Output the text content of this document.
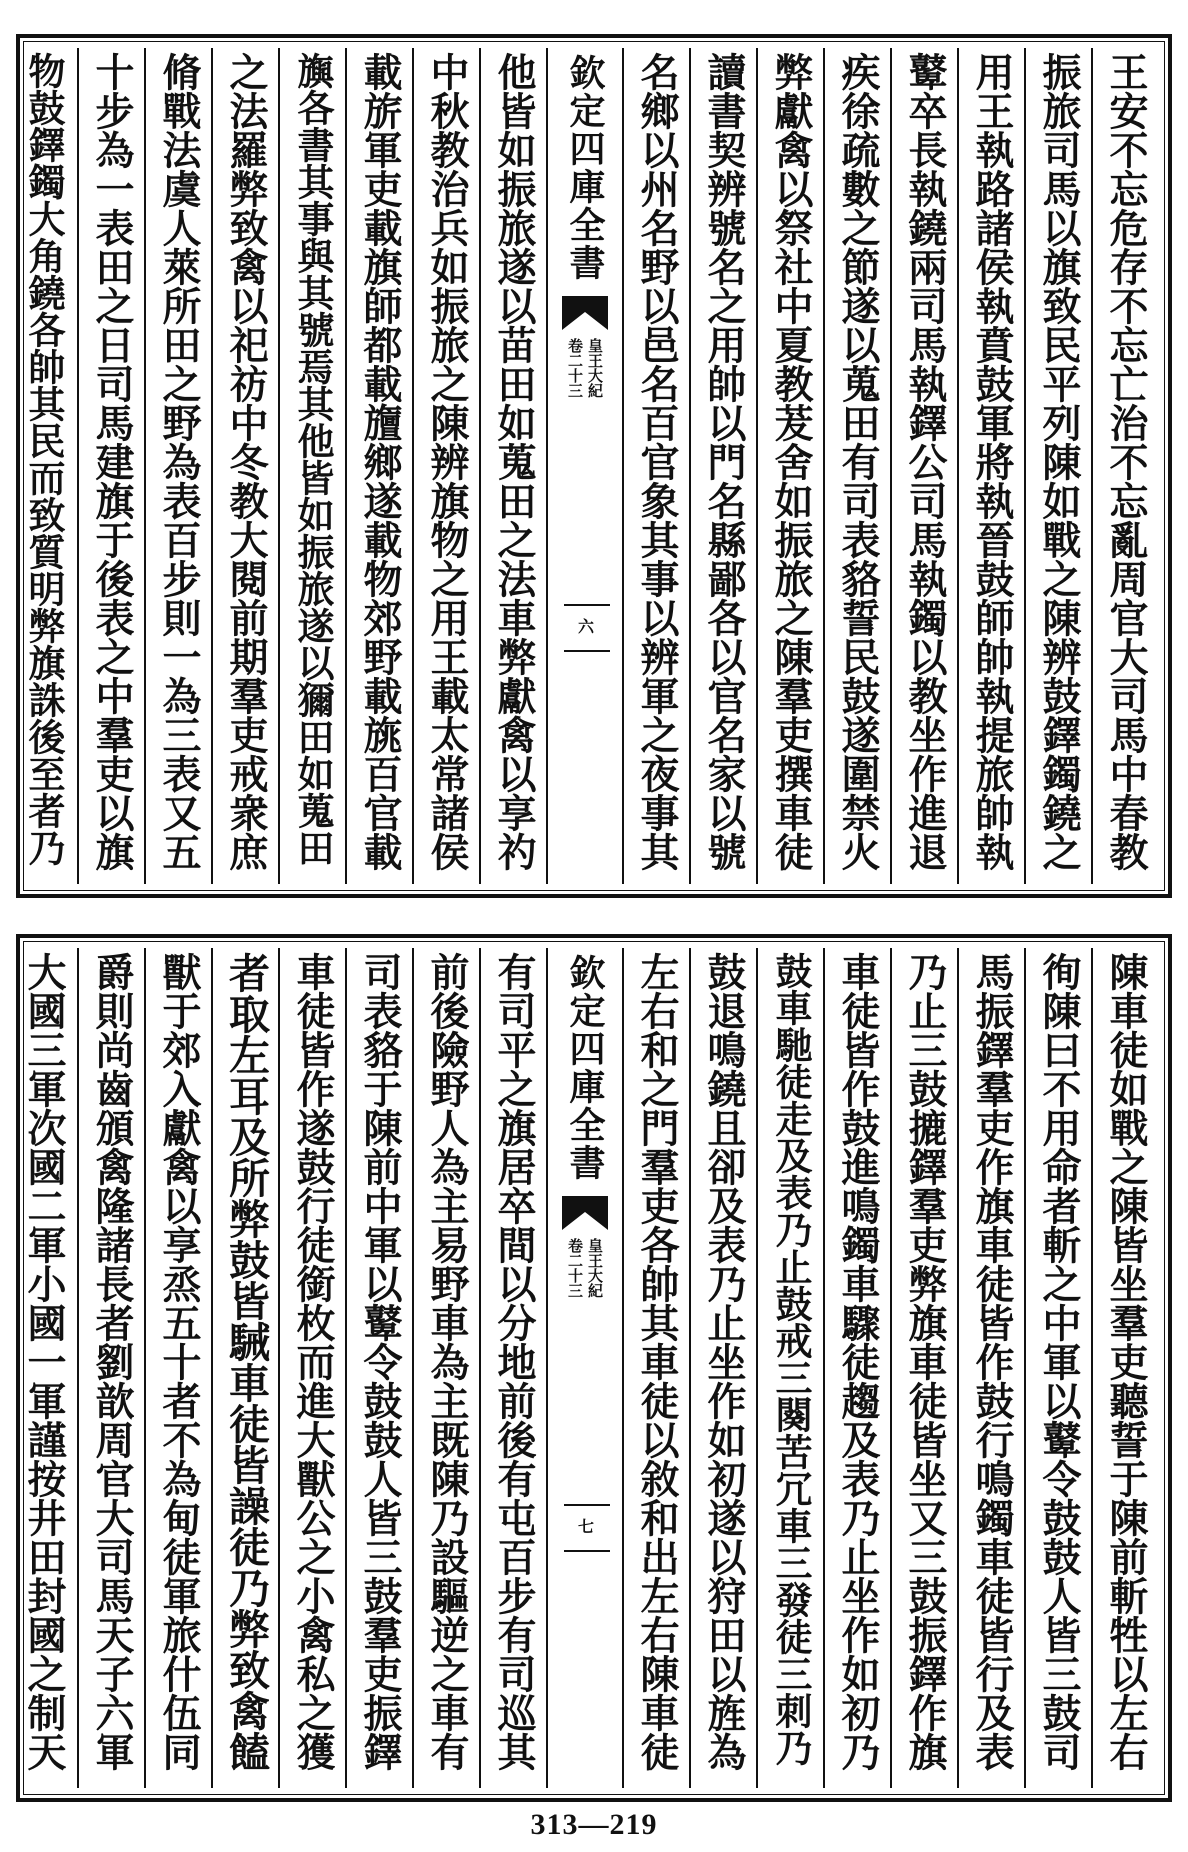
王安不忘危存不忘亡治不忘亂周官大司馬中春教
振旅司馬以旗致民平列陳如戰之陳辨鼓鐸鐲鐃之
用王執路諸侯執賁鼓軍將執晉鼓師帥執提旅帥執
鼙卒長執鐃兩司馬執鐸公司馬執鐲以教坐作進退
疾徐疏數之節遂以蒐田有司表貉誓民鼓遂圍禁火
弊獻禽以祭社中夏教茇舍如振旅之陳羣吏撰車徒
讀書契辨號名之用帥以門名縣鄙各以官名家以號
名鄉以州名野以邑名百官象其事以辨軍之夜事其
欽定四庫全書
皇王大紀
卷二十三
六
他皆如振旅遂以苗田如蒐田之法車弊獻禽以享礿
中秋教治兵如振旅之陳辨旗物之用王載太常諸侯
載旂軍吏載旗師都載旜鄉遂載物郊野載旐百官載
旟各書其事與其號焉其他皆如振旅遂以獮田如蒐田
之法羅弊致禽以祀祊中冬教大閱前期羣吏戒衆庶
脩戰法虞人萊所田之野為表百步則一為三表又五
十步為一表田之日司馬建旗于後表之中羣吏以旗
物鼓鐸鐲大角鐃各帥其民而致質明弊旗誅後至者乃
陳車徒如戰之陳皆坐羣吏聽誓于陳前斬牲以左右
徇陳曰不用命者斬之中軍以鼙令鼓鼓人皆三鼓司
馬振鐸羣吏作旗車徒皆作鼓行鳴鐲車徒皆行及表
乃止三鼓摝鐸羣吏弊旗車徒皆坐又三鼓振鐸作旗
車徒皆作鼓進鳴鐲車驟徒趨及表乃止坐作如初乃
鼓車馳徒走及表乃止鼓戒三闋苦冗車三發徒三刺乃
鼓退鳴鐃且卻及表乃止坐作如初遂以狩田以旌為
左右和之門羣吏各帥其車徒以敘和出左右陳車徒
欽定四庫全書
皇王大紀
卷二十三
七
有司平之旗居卒間以分地前後有屯百步有司巡其
前後險野人為主易野車為主既陳乃設驅逆之車有
司表貉于陳前中軍以鼙令鼓鼓人皆三鼓羣吏振鐸
車徒皆作遂鼓行徒銜枚而進大獸公之小禽私之獲
者取左耳及所弊鼓皆駴車徒皆譟徒乃弊致禽饁
獸于郊入獻禽以享烝五十者不為甸徒軍旅什伍同
爵則尚齒頒禽隆諸長者劉歆周官大司馬天子六軍
大國三軍次國二軍小國一軍謹按井田封國之制天
313—219
